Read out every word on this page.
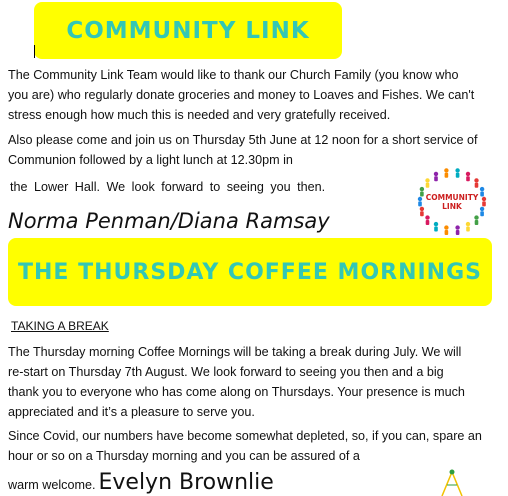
COMMUNITY LINK

The Community Link Team would like to thank our Church Family (you know who

you are) who regularly donate groceries and money to Loaves and Fishes. We can't

stress enough how much this is needed and very gratefully received.

Also please come and join us on Thursday 5th June at 12 noon for a short service of

Communion followed by a light lunch at 12.30pm in

the Lower Hall. We look forward to seeing you then.

Norma Penman/Diana Ramsay

COMMUNITY
LINK
THE THURSDAY COFFEE MORNINGS

TAKING A BREAK

The Thursday morning Coffee Mornings will be taking a break during July. We will

re-start on Thursday 7th August. We look forward to seeing you then and a big

thank you to everyone who has come along on Thursdays. Your presence is much

appreciated and it’s a pleasure to serve you.

Since Covid, our numbers have become somewhat depleted, so, if you can, spare an

hour or so on a Thursday morning and you can be assured of a

warm welcome. Evelyn Brownlie
